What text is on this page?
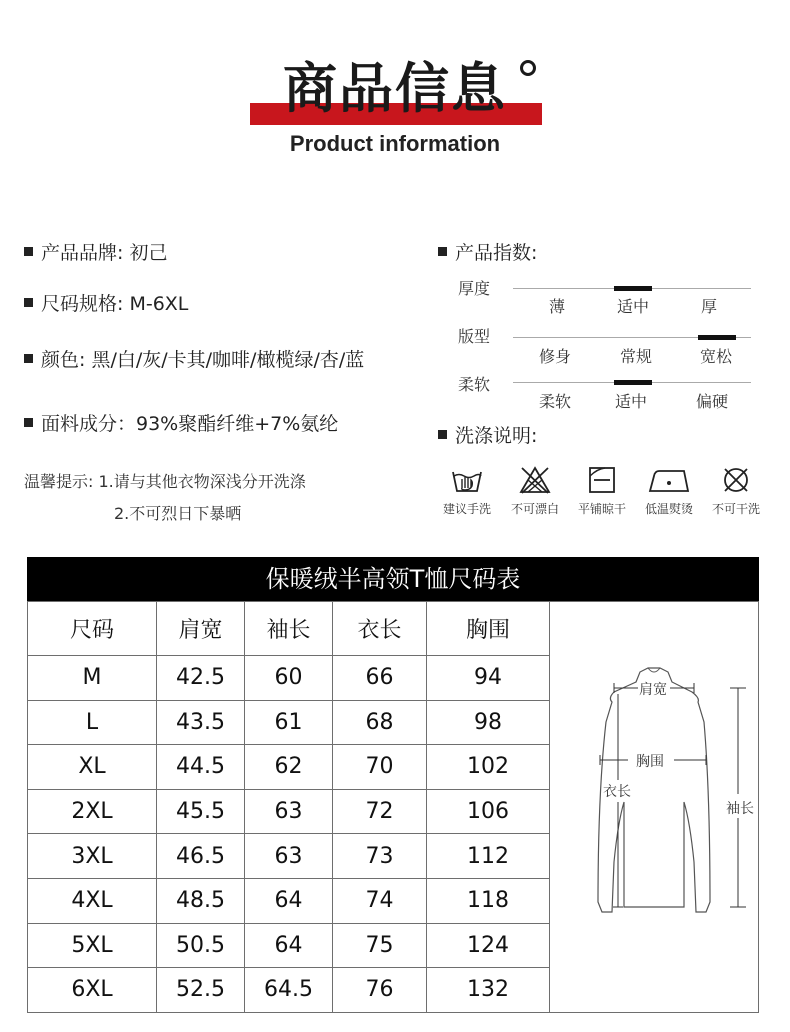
商品信息
Product information
产品品牌: 初己
尺码规格: M-6XL
颜色: 黑/白/灰/卡其/咖啡/橄榄绿/杏/蓝
面料成分：93%聚酯纤维+7%氨纶
温馨提示: 1.请与其他衣物深浅分开洗涤
2.不可烈日下暴晒
产品指数:
厚度
薄	适中	厚
版型
修身	常规	宽松
柔软
柔软	适中	偏硬
洗涤说明:
建议手洗	不可漂白	平铺晾干	低温熨烫	不可干洗
保暖绒半高领T恤尺码表
尺码	肩宽	袖长	衣长	胸围	肩宽
胸围
衣长
袖长

M	42.5	60	66	94	
L	43.5	61	68	98	
XL	44.5	62	70	102	
2XL	45.5	63	72	106	
3XL	46.5	63	73	112	
4XL	48.5	64	74	118	
5XL	50.5	64	75	124	
6XL	52.5	64.5	76	132	
